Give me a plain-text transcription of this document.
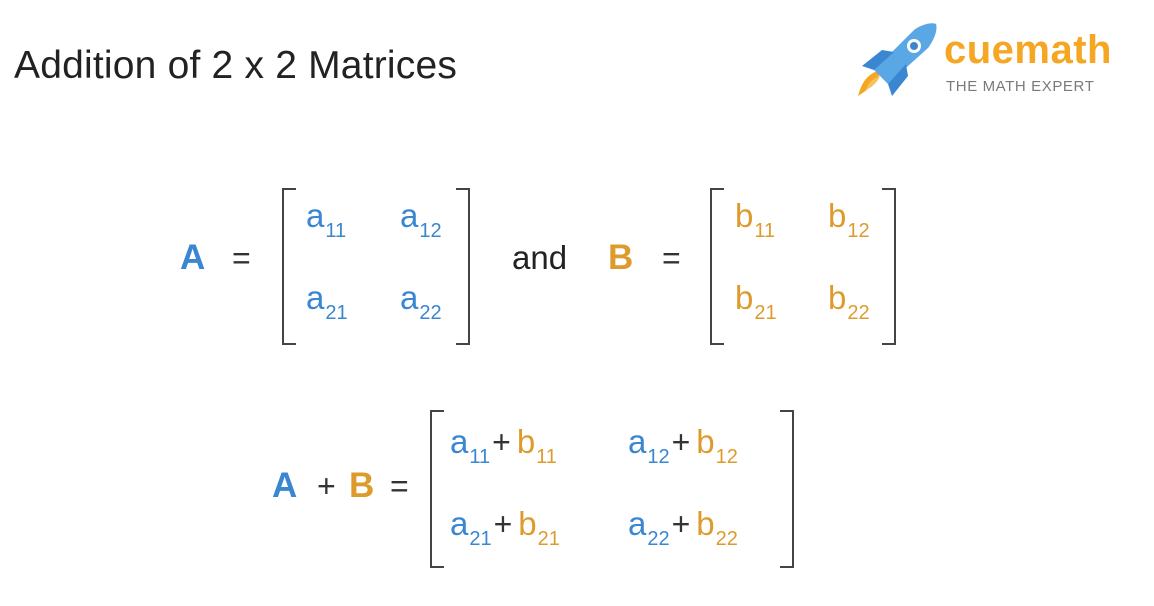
Addition of 2 x 2 Matrices	cuemath
THE MATH EXPERT
A =
$a_{11}$ $a_{12}$
$a_{21}$ $a_{22}$
and B =
$b_{11}$ $b_{12}$
$b_{21}$ $b_{22}$
A + B =
$a_{11}+ b_{11}$ $a_{12}+ b_{12}$
$a_{21}+ b_{21}$ $a_{22}+ b_{22}$
